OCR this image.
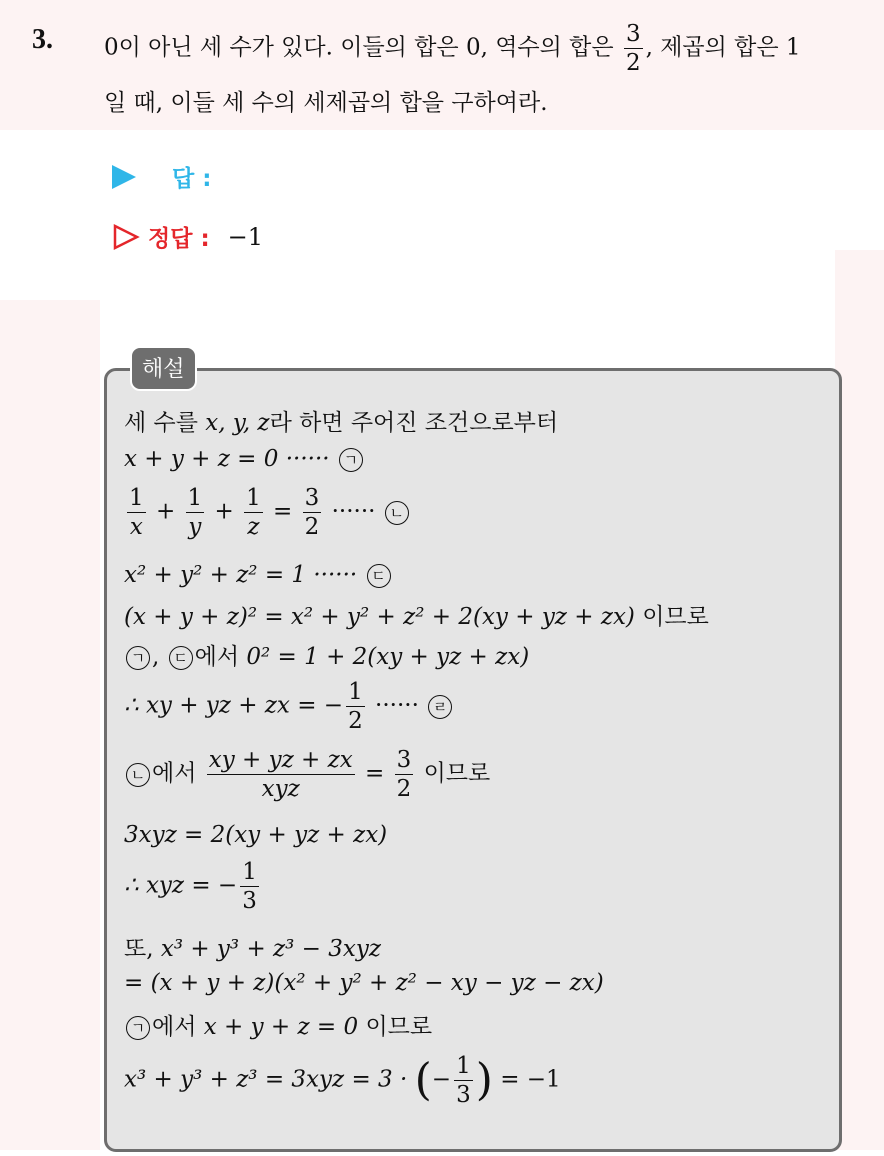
3. 0이 아닌 세 수가 있다. 이들의 합은 0, 역수의 합은 $\frac{3}{2}$ , 제곱의 합은 1
일 때, 이들 세 수의 세제곱의 합을 구하여라.
답 :
정답 : −1
해설
세 수를 x, y, z라 하면 주어진 조건으로부터
x + y + z = 0 ······ ㄱ
$\frac{1}{x} + \frac{1}{y} + \frac{1}{z} = \frac{3}{2}$ ······ ㄴ
x² + y² + z² = 1 ······ ㄷ
(x + y + z)² = x² + y² + z² + 2(xy + yz + zx) 이므로
ㄱ , ㄷ 에서 0² = 1 + 2(xy + yz + zx)
∴ xy + yz + zx = − $\frac{1}{2}$ ······ ㄹ
ㄴ 에서 $\frac{xy + yz + zx}{\text{xyz}} = \frac{3}{2}$ 이므로
3xyz = 2(xy + yz + zx)
∴ xyz = − $\frac{1}{3}$
또, x³ + y³ + z³ − 3xyz
= (x + y + z)(x² + y² + z² − xy − yz − zx)
ㄱ 에서 x + y + z = 0 이므로
x³ + y³ + z³ = 3xyz = 3 · (− $\frac{1}{3}$ ) = −1
